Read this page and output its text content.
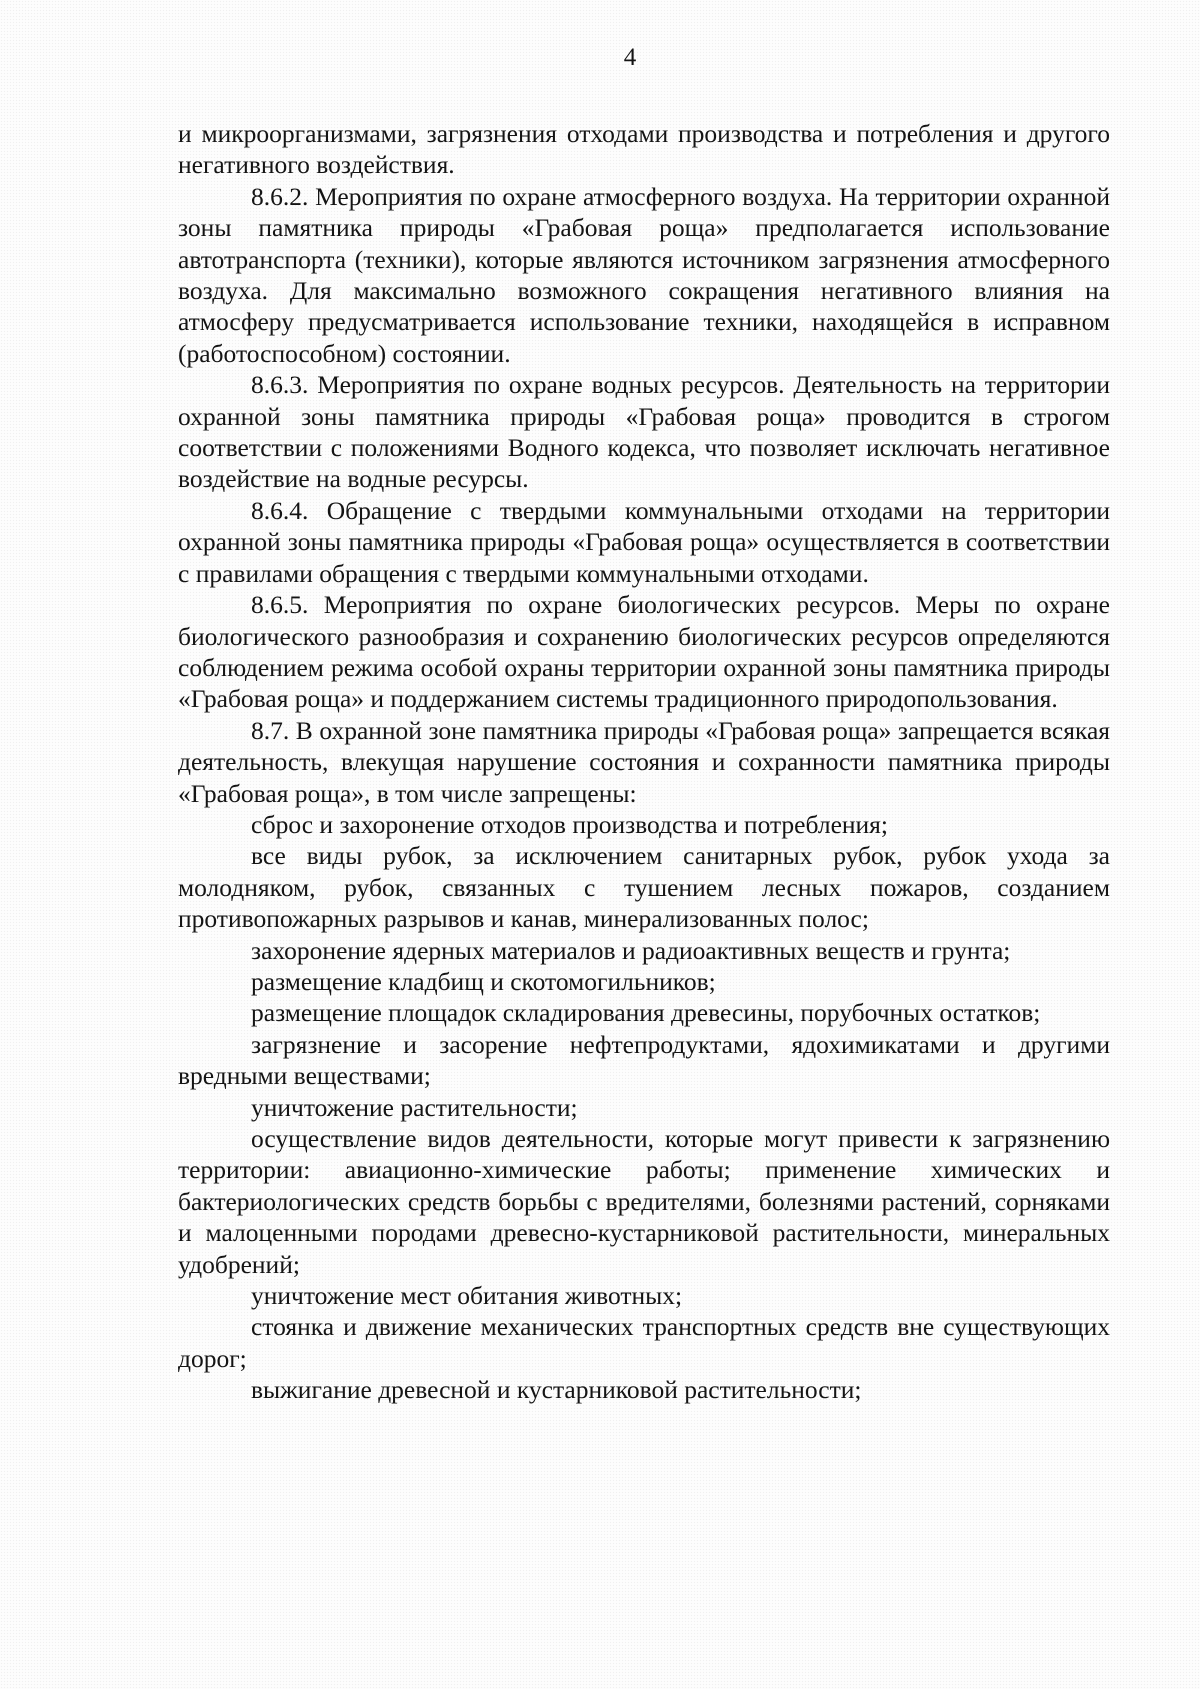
4

и микроорганизмами, загрязнения отходами производства и потребления и другого негативного воздействия.

8.6.2. Мероприятия по охране атмосферного воздуха. На территории охранной зоны памятника природы «Грабовая роща» предполагается использование автотранспорта (техники), которые являются источником загрязнения атмосферного воздуха. Для максимально возможного сокращения негативного влияния на атмосферу предусматривается использование техники, находящейся в исправном (работоспособном) состоянии.

8.6.3. Мероприятия по охране водных ресурсов. Деятельность на территории охранной зоны памятника природы «Грабовая роща» проводится в строгом соответствии с положениями Водного кодекса, что позволяет исключать негативное воздействие на водные ресурсы.

8.6.4. Обращение с твердыми коммунальными отходами на территории охранной зоны памятника природы «Грабовая роща» осуществляется в соответствии с правилами обращения с твердыми коммунальными отходами.

8.6.5. Мероприятия по охране биологических ресурсов. Меры по охране биологического разнообразия и сохранению биологических ресурсов определяются соблюдением режима особой охраны территории охранной зоны памятника природы «Грабовая роща» и поддержанием системы традиционного природопользования.

8.7. В охранной зоне памятника природы «Грабовая роща» запрещается всякая деятельность, влекущая нарушение состояния и сохранности памятника природы «Грабовая роща», в том числе запрещены:

сброс и захоронение отходов производства и потребления;

все виды рубок, за исключением санитарных рубок, рубок ухода за молодняком, рубок, связанных с тушением лесных пожаров, созданием противопожарных разрывов и канав, минерализованных полос;

захоронение ядерных материалов и радиоактивных веществ и грунта;

размещение кладбищ и скотомогильников;

размещение площадок складирования древесины, порубочных остатков;

загрязнение и засорение нефтепродуктами, ядохимикатами и другими вредными веществами;

уничтожение растительности;

осуществление видов деятельности, которые могут привести к загрязнению территории: авиационно-химические работы; применение химических и бактериологических средств борьбы с вредителями, болезнями растений, сорняками и малоценными породами древесно-кустарниковой растительности, минеральных удобрений;

уничтожение мест обитания животных;

стоянка и движение механических транспортных средств вне существующих дорог;

выжигание древесной и кустарниковой растительности;
